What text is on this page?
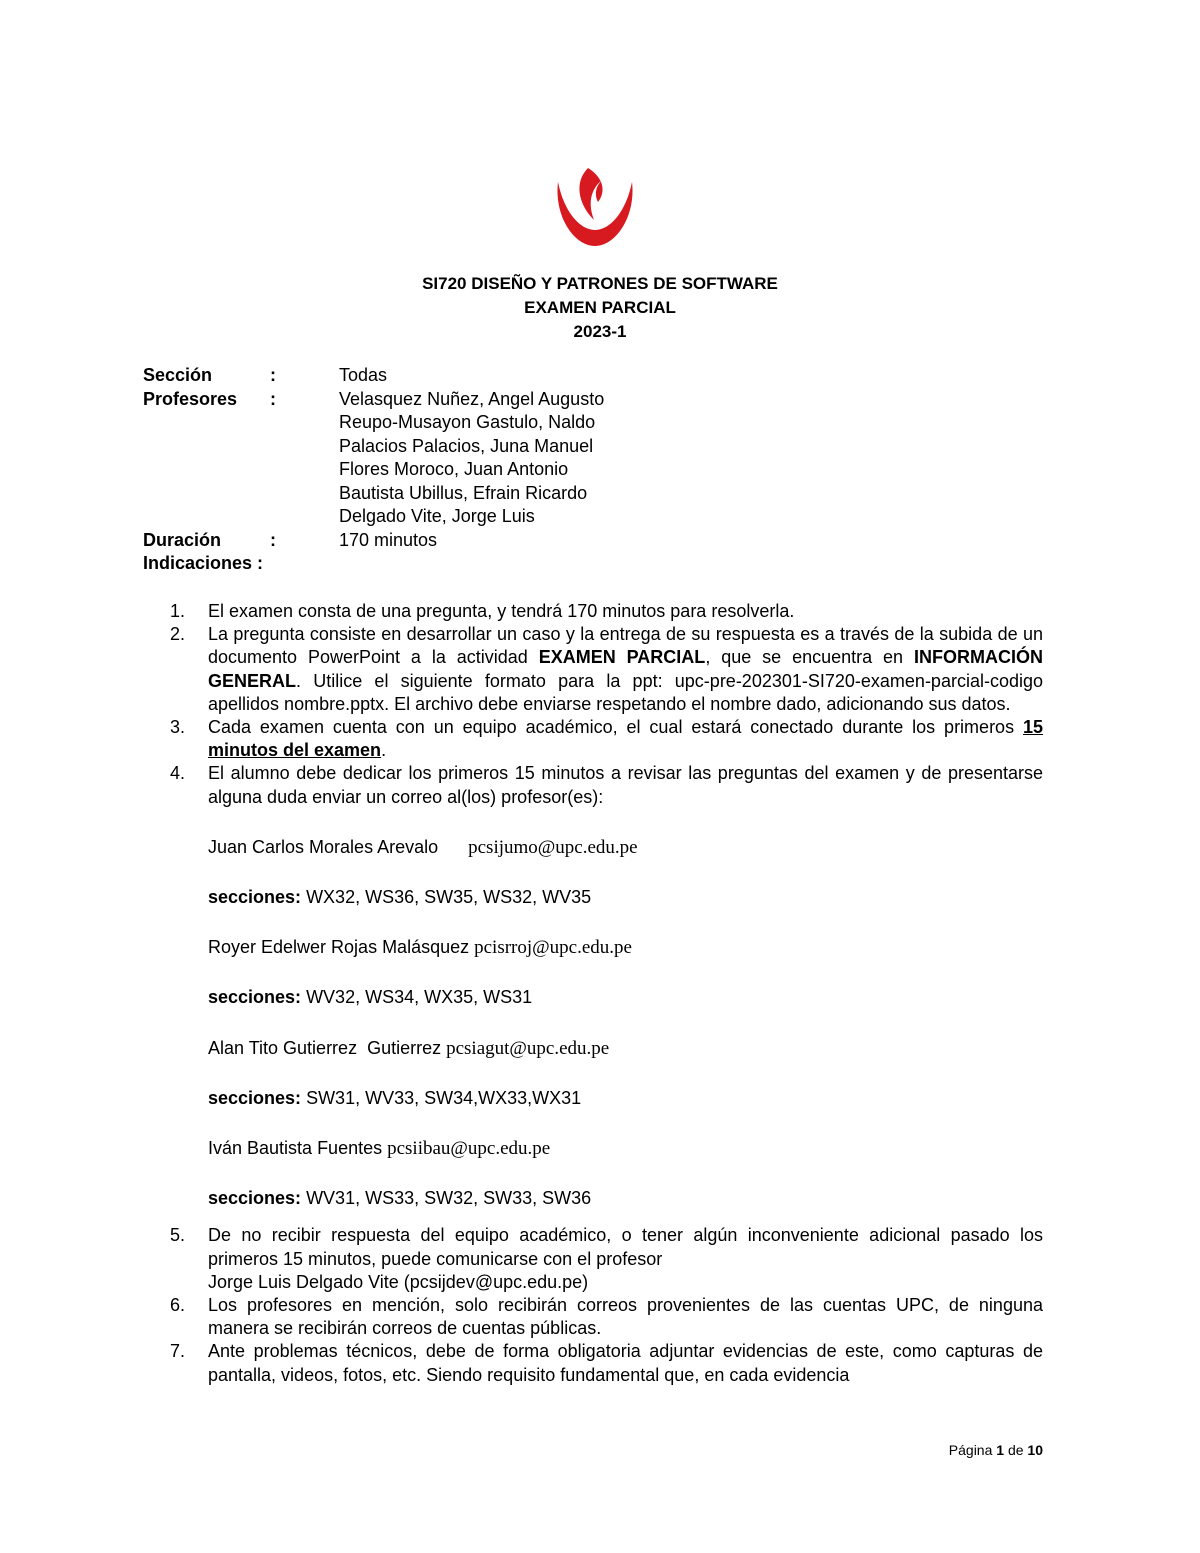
SI720 DISEÑO Y PATRONES DE SOFTWARE
EXAMEN PARCIAL
2023-1
Sección	:	Todas
Profesores	:	Velasquez Nuñez, Angel Augusto
Reupo-Musayon Gastulo, Naldo
Palacios Palacios, Juna Manuel
Flores Moroco, Juan Antonio
Bautista Ubillus, Efrain Ricardo
Delgado Vite, Jorge Luis
Duración	:	170 minutos
Indicaciones :
1.	El examen consta de una pregunta, y tendrá 170 minutos para resolverla.
2.	La pregunta consiste en desarrollar un caso y la entrega de su respuesta es a través de la subida de un documento PowerPoint a la actividad EXAMEN PARCIAL, que se encuentra en INFORMACIÓN GENERAL. Utilice el siguiente formato para la ppt: upc-pre-202301-SI720-examen-parcial-codigo apellidos nombre.pptx. El archivo debe enviarse respetando el nombre dado, adicionando sus datos.
3.	Cada examen cuenta con un equipo académico, el cual estará conectado durante los primeros 15 minutos del examen.
4.	El alumno debe dedicar los primeros 15 minutos a revisar las preguntas del examen y de presentarse alguna duda enviar un correo al(los) profesor(es):
Juan Carlos Morales Arevalo      pcsijumo@upc.edu.pe
secciones: WX32, WS36, SW35, WS32, WV35
Royer Edelwer Rojas Malásquez pcisrroj@upc.edu.pe
secciones: WV32, WS34, WX35, WS31
Alan Tito Gutierrez  Gutierrez pcsiagut@upc.edu.pe
secciones: SW31, WV33, SW34,WX33,WX31
Iván Bautista Fuentes pcsiibau@upc.edu.pe
secciones: WV31, WS33, SW32, SW33, SW36
5.	De no recibir respuesta del equipo académico, o tener algún inconveniente adicional pasado los primeros 15 minutos, puede comunicarse con el profesor
Jorge Luis Delgado Vite (pcsijdev@upc.edu.pe)
6.	Los profesores en mención, solo recibirán correos provenientes de las cuentas UPC, de ninguna manera se recibirán correos de cuentas públicas.
7.	Ante problemas técnicos, debe de forma obligatoria adjuntar evidencias de este, como capturas de pantalla, videos, fotos, etc. Siendo requisito fundamental que, en cada evidencia
Página 1 de 10
